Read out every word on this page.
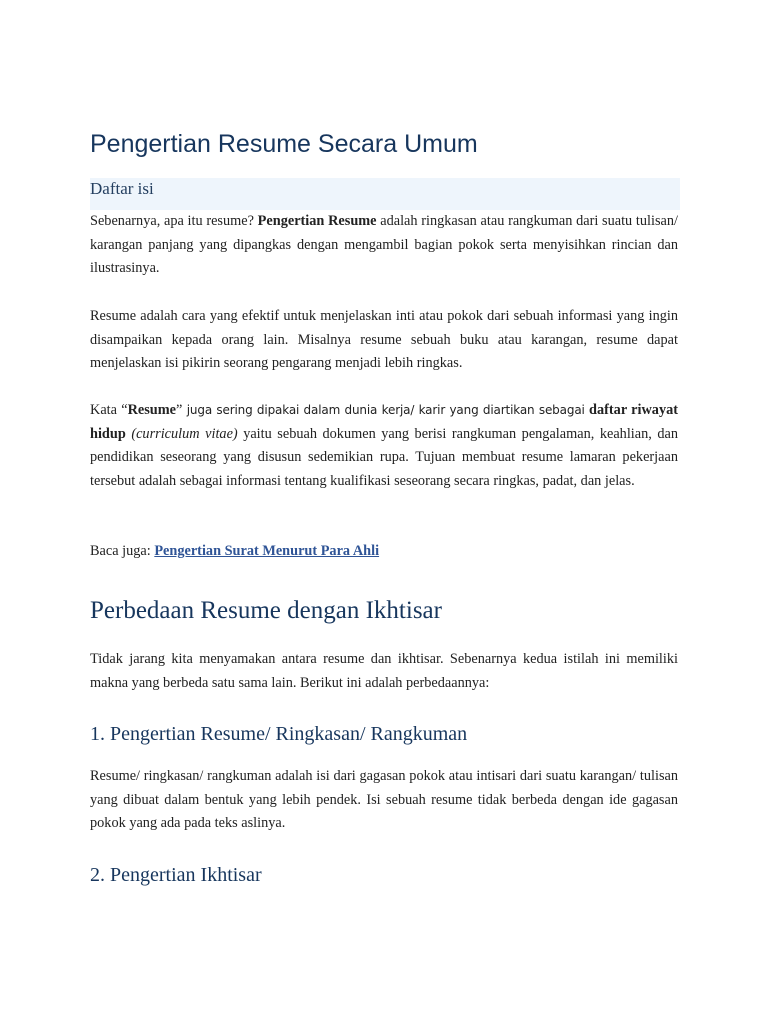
Pengertian Resume Secara Umum
Daftar isi

Sebenarnya, apa itu resume? Pengertian Resume adalah ringkasan atau rangkuman dari suatu tulisan/ karangan panjang yang dipangkas dengan mengambil bagian pokok serta menyisihkan rincian dan ilustrasinya.

Resume adalah cara yang efektif untuk menjelaskan inti atau pokok dari sebuah informasi yang ingin disampaikan kepada orang lain. Misalnya resume sebuah buku atau karangan, resume dapat menjelaskan isi pikirin seorang pengarang menjadi lebih ringkas.

Kata “Resume” juga sering dipakai dalam dunia kerja/ karir yang diartikan sebagai daftar riwayat hidup (curriculum vitae) yaitu sebuah dokumen yang berisi rangkuman pengalaman, keahlian, dan pendidikan seseorang yang disusun sedemikian rupa. Tujuan membuat resume lamaran pekerjaan tersebut adalah sebagai informasi tentang kualifikasi seseorang secara ringkas, padat, dan jelas.

Baca juga: Pengertian Surat Menurut Para Ahli

Perbedaan Resume dengan Ikhtisar

Tidak jarang kita menyamakan antara resume dan ikhtisar. Sebenarnya kedua istilah ini memiliki makna yang berbeda satu sama lain. Berikut ini adalah perbedaannya:

1. Pengertian Resume/ Ringkasan/ Rangkuman

Resume/ ringkasan/ rangkuman adalah isi dari gagasan pokok atau intisari dari suatu karangan/ tulisan yang dibuat dalam bentuk yang lebih pendek. Isi sebuah resume tidak berbeda dengan ide gagasan pokok yang ada pada teks aslinya.

2. Pengertian Ikhtisar
